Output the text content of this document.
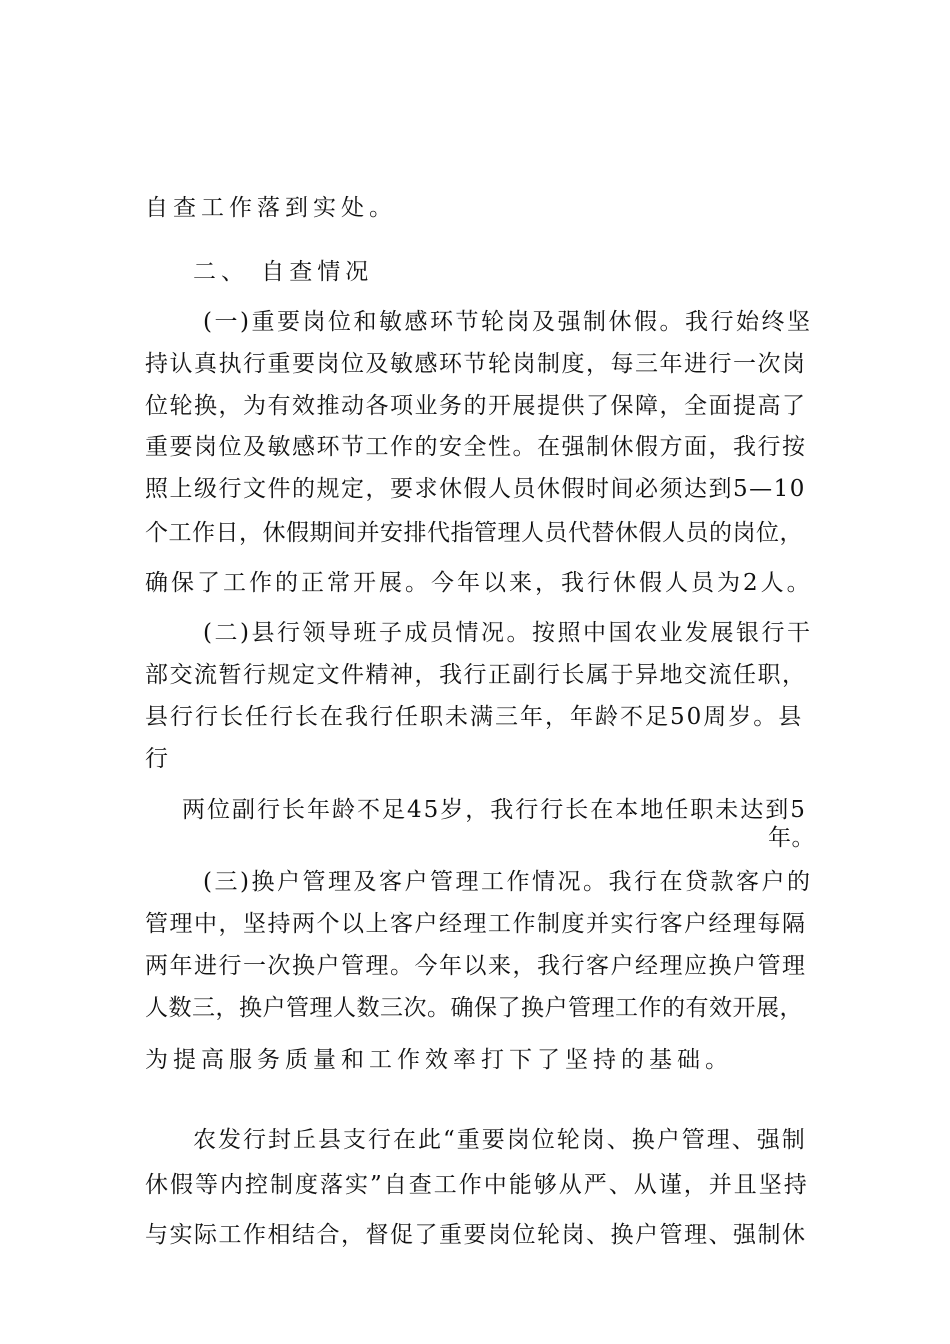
自查工作落到实处。
二、 自查情况
(一)重要岗位和敏感环节轮岗及强制休假。我行始终坚
持认真执行重要岗位及敏感环节轮岗制度，每三年进行一次岗
位轮换，为有效推动各项业务的开展提供了保障，全面提高了
重要岗位及敏感环节工作的安全性。在强制休假方面，我行按
照上级行文件的规定，要求休假人员休假时间必须达到5—10
个工作日，休假期间并安排代指管理人员代替休假人员的岗位，
确保了工作的正常开展。今年以来，我行休假人员为2人。
(二)县行领导班子成员情况。按照中国农业发展银行干
部交流暂行规定文件精神，我行正副行长属于异地交流任职，
县行行长任行长在我行任职未满三年，年龄不足50周岁。县
行
两位副行长年龄不足45岁，我行行长在本地任职未达到5
年。
(三)换户管理及客户管理工作情况。我行在贷款客户的
管理中，坚持两个以上客户经理工作制度并实行客户经理每隔
两年进行一次换户管理。今年以来，我行客户经理应换户管理
人数三，换户管理人数三次。确保了换户管理工作的有效开展，
为提高服务质量和工作效率打下了坚持的基础。
农发行封丘县支行在此“重要岗位轮岗、换户管理、强制
休假等内控制度落实”自查工作中能够从严、从谨，并且坚持
与实际工作相结合，督促了重要岗位轮岗、换户管理、强制休
